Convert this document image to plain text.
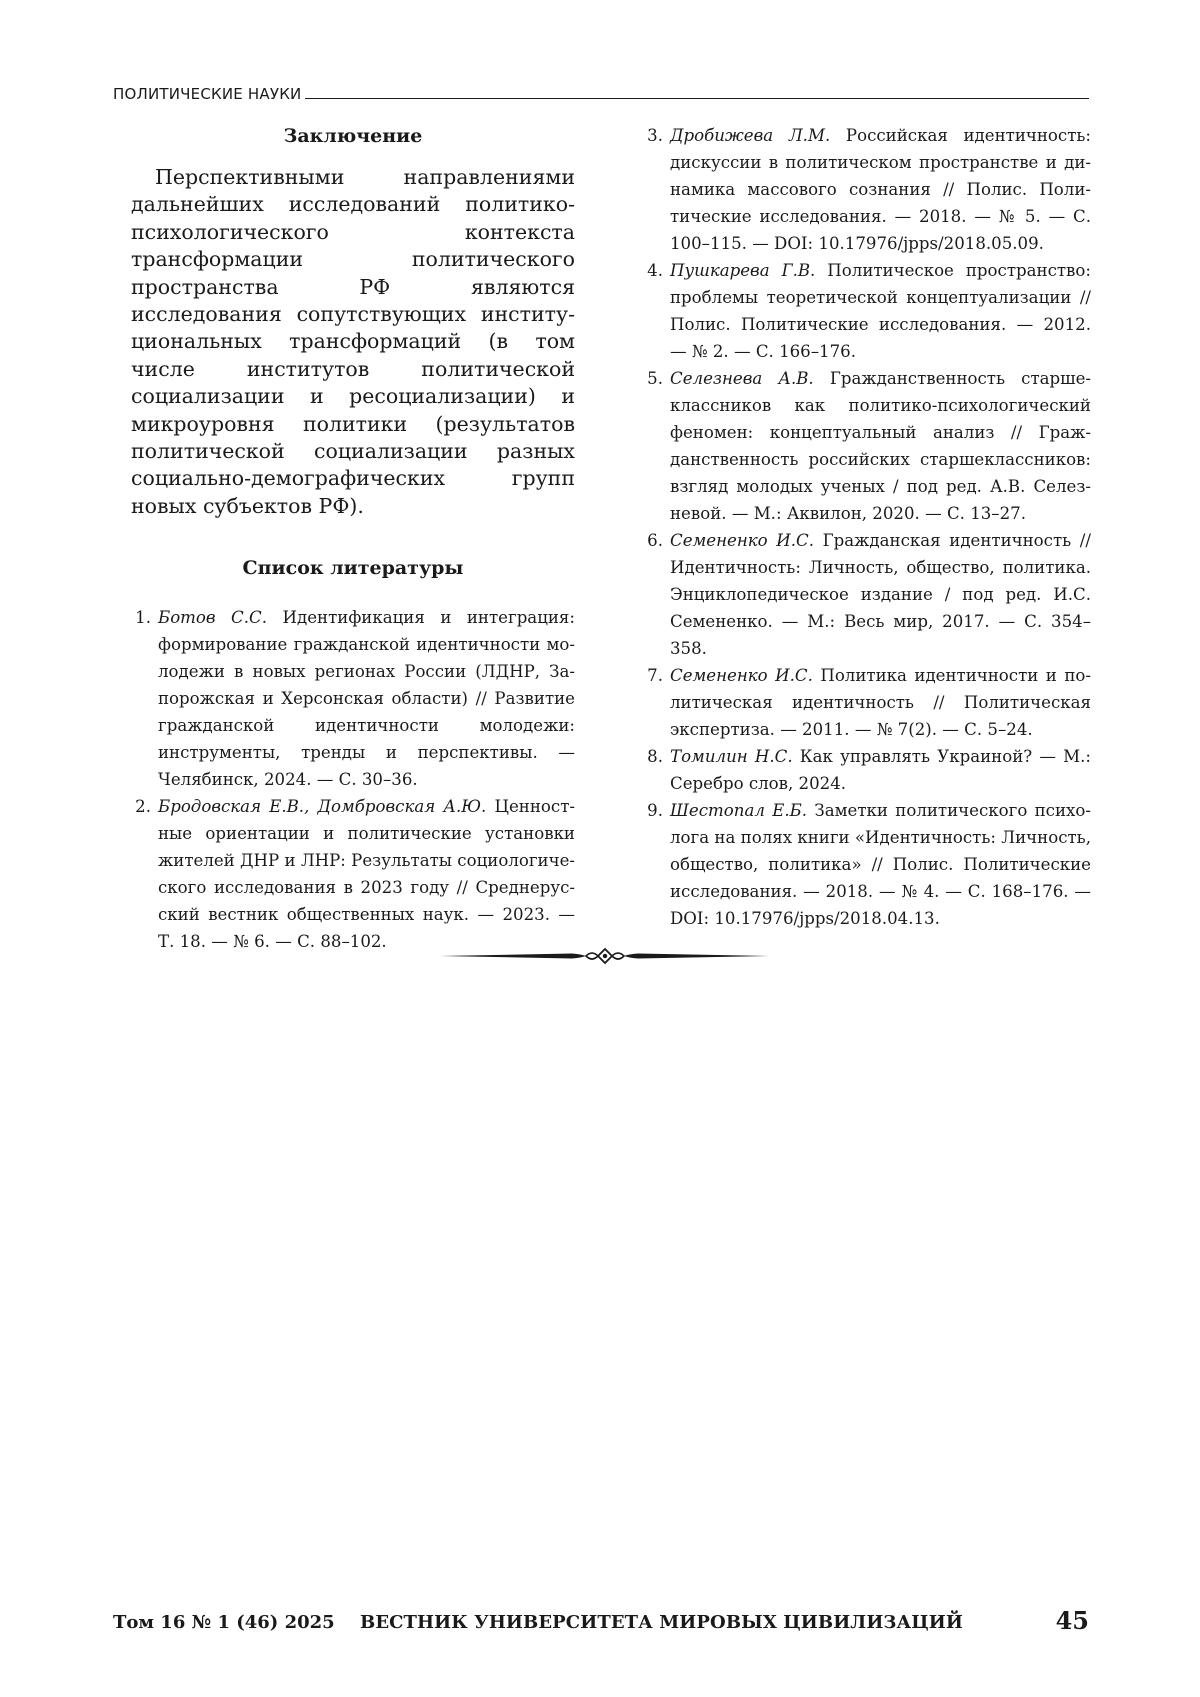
ПОЛИТИЧЕСКИЕ НАУКИ
Заключение

Перспективными направлениями дальнейших исследований политико-психологического контекста трансформации политического пространства РФ являются исследования сопутствующих институциональных трансформаций (в том числе институтов политической социализации и ресоциализации) и микроуровня политики (результатов политической социализации разных социально-демографических групп новых субъектов РФ).

Список литературы
1. Ботов С.С. Идентификация и интеграция: формирование гражданской идентичности молодежи в новых регионах России (ЛДНР, Запорожская и Херсонская области) // Развитие гражданской идентичности молодежи: инструменты, тренды и перспективы. — Челябинск, 2024. — С. 30–36.
2. Бродовская Е.В., Домбровская А.Ю. Ценностные ориентации и политические установки жителей ДНР и ЛНР: Результаты социологического исследования в 2023 году // Среднерусский вестник общественных наук. — 2023. — Т. 18. — № 6. — С. 88–102.
3. Дробижева Л.М. Российская идентичность: дискуссии в политическом пространстве и динамика массового сознания // Полис. Политические исследования. — 2018. — № 5. — С. 100–115. — DOI: 10.17976/jpps/2018.05.09.
4. Пушкарева Г.В. Политическое пространство: проблемы теоретической концептуализации // Полис. Политические исследования. — 2012. — № 2. — С. 166–176.
5. Селезнева А.В. Гражданственность старшеклассников как политико-психологический феномен: концептуальный анализ // Гражданственность российских старшеклассников: взгляд молодых ученых / под ред. А.В. Селезневой. — М.: Аквилон, 2020. — С. 13–27.
6. Семененко И.С. Гражданская идентичность // Идентичность: Личность, общество, политика. Энциклопедическое издание / под ред. И.С. Семененко. — М.: Весь мир, 2017. — С. 354–358.
7. Семененко И.С. Политика идентичности и политическая идентичность // Политическая экспертиза. — 2011. — № 7(2). — С. 5–24.
8. Томилин Н.С. Как управлять Украиной? — М.: Серебро слов, 2024.
9. Шестопал Е.Б. Заметки политического психолога на полях книги «Идентичность: Личность, общество, политика» // Полис. Политические исследования. — 2018. — № 4. — С. 168–176. — DOI: 10.17976/jpps/2018.04.13.
Том 16 № 1 (46) 2025 ВЕСТНИК УНИВЕРСИТЕТА МИРОВЫХ ЦИВИЛИЗАЦИЙ	45
